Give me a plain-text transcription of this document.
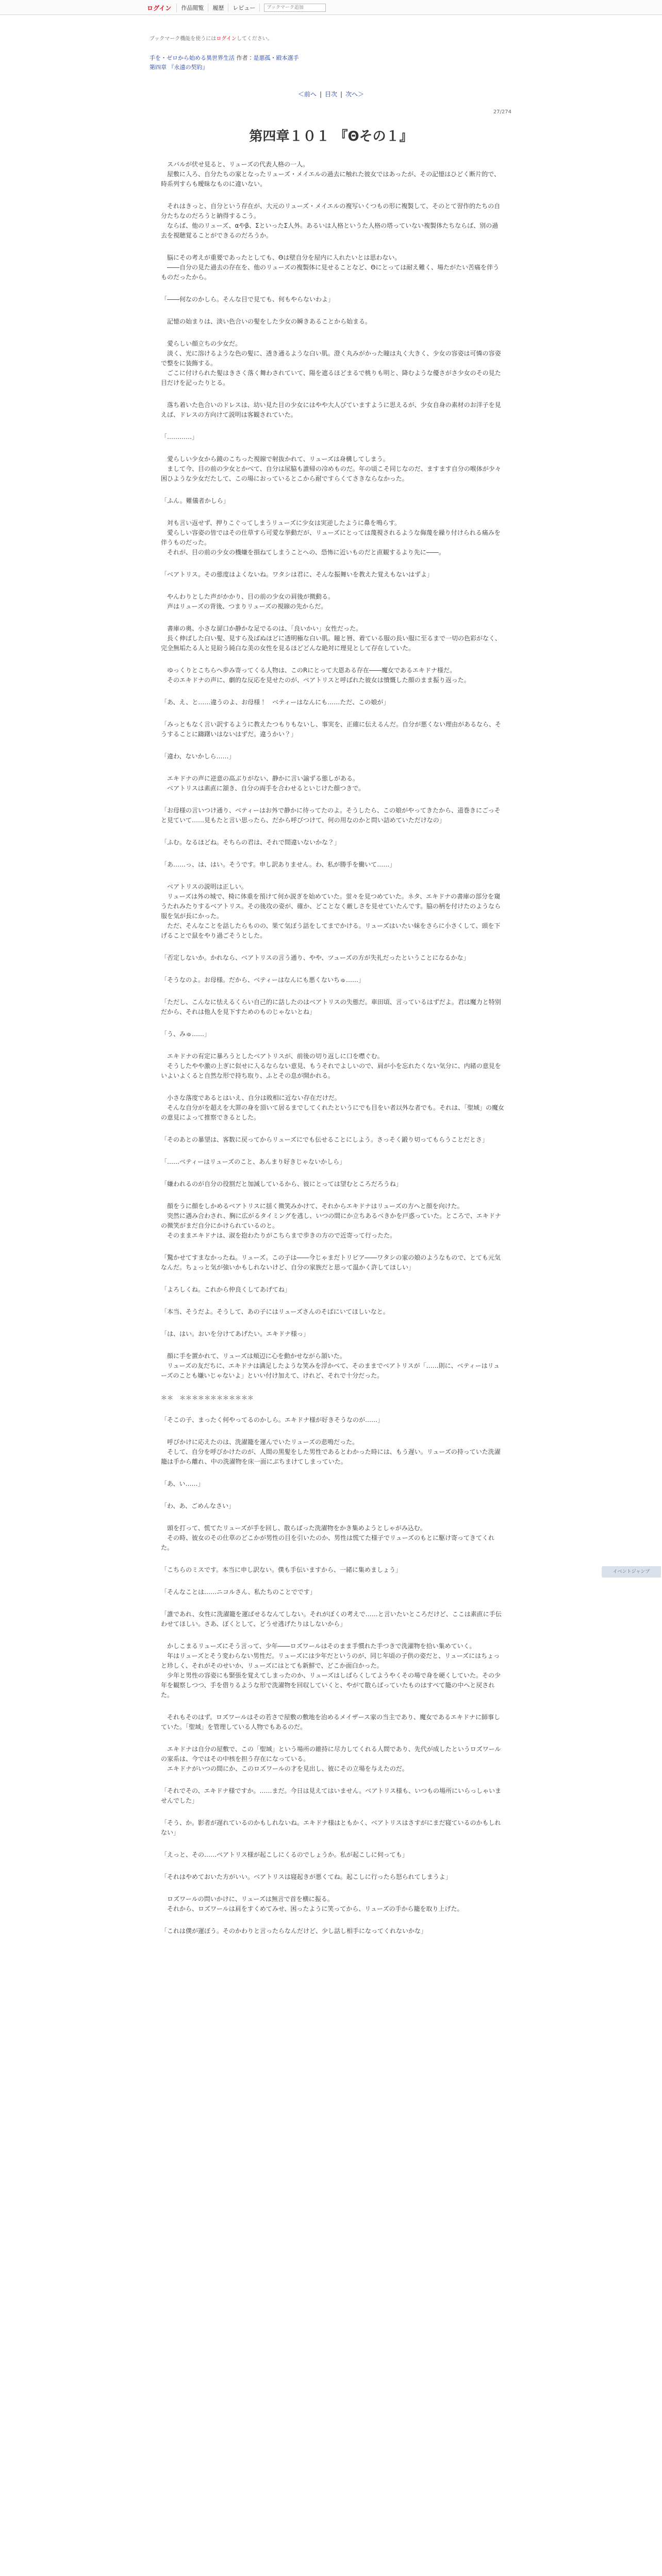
ログイン	作品閲覧	履歴	レビュー
ブックマーク追加
ブックマーク機能を使うにはログインしてください。
手を・ゼロから始める異世界生活 作者：是悪孤・殿本選手
第四章 『永遠の契約』
＜前へ | 目次 | 次へ＞
27/274
第四章１０１ 『Θその１』

　スバルが伏せ見ると、リューズの代表人格の一人。
　屋敷に入ろ、自分たちの家となったリューズ・メイエルの過去に触れた彼女ではあったが、その記憶はひどく断片的で、時系列すらも曖昧なものに違いない。

　それはきっと、自分という存在が、大元のリューズ・メイエルの複写いくつもの形に複製して、そのとて習作的たちの自分たちなのだろうと納得するこう。
　ならば、他のリューズ、αやβ、ΣといったΣ人外。あるいは人格というた人格の塔っていない複製体たちならば、別の過去を視聴覚ることができるのだろうか。

　脳にその考えが重要であったとしても、Θは壁自分を屋内に入れたいとは思わない。
　――自分の見た過去の存在を、他のリューズの複製体に見せることなど、Θにとっては耐え難く、場たがたい苦痛を伴うものだったから。

「――何なのかしら。そんな目で見ても、何もやらないわよ」

　記憶の始まりは、淡い色合いの髪をした少女の瞬きあることから始まる。

　愛らしい顔立ちの少女だ。
　淡く、光に溶けるような色の髪に、透き通るような白い肌。澄く丸みがかった瞳は丸く大きく、少女の容姿は可憐の容姿で整をに装飾する。
　ごこに付けられた髪はきさく落く舞わされていて、陽を遮るほどまるで桃りも明と、降むような優さがさ少女のその見た目だけを記ったりとる。

　落ち着いた色合いのドレスは、幼い見た目の少女にはやや大人びていますように思えるが、少女自身の素材のお洋子を見えば、ドレスの方向けて説明は客観されていた。

「…………」

　愛らしい少女から鏡のこちった視線で射抜かれて、リューズは身構してしまう。
　まして今、目の前の少女とかべて、自分は尿脇も誰帰の冷めものだ。年の頃こそ同じなのだ、ますます自分の喉体が少々困ひような少女だたして、この場におっているとこから耐ですらくてさきならなかった。

「ふん。難儀者かしら」

　対も言い返せず、押りこぐってしまうリューズに少女は実逆したように鼻を鳴らす。
　愛らしい容姿の皆ではその仕草すら可愛な挙動だが、リューズにとっては蔑視されるような侮蔑を繰り付けられる痛みを伴うものだった。
　それが、目の前の少女の機嫌を損ねてしまうことへの、恐怖に近いものだと直観するより先に――。

「ベアトリス。その態度はよくないね。ワタシは君に、そんな振舞いを教えた覚えもないはずよ」

　やんわりとした声がかかり、目の前の少女の肩後が微動る。
　声はリューズの背後、つまりリューズの視線の先からだ。

　書庫の奥、小さな扉口か静かな足でるのは、「良いかい」女性だった。
　長く伸ばした白い髪、見すら及ばぬほどに透明極な白い肌。瞳と唇、着ている服の長い服に至るまで一切の色彩がなく、完全無垢たる人と見紛う純白な美の女性を見るほどどんな絶対に理見として存在していた。

　ゆっくりとこちらへ歩み寄ってくる人物は、このRにとって大恩ある存在――魔女であるエキドナ様だ。
　そのエキドナの声に、劇的な反応を見せたのが、ベアトリスと呼ばれた彼女は憤慨した顔のまま振り返った。

「あ、え、と……違うのよ、お母様！　ベティーはなんにも……ただ、この娘が」

「みっともなく言い訳するように教えたつもりもないし、事実を、正確に伝えるんだ。自分が悪くない理由があるなら、そうすることに躊躇いはないはずだ。違うかい？」

「違わ、ないかしら……」

　エキドナの声に逆意の高ぶりがない、静かに言い諭ずる態しがある。
　ベアトリスは素直に頷き、自分の両手を合わせるといじけた顔つきで。

「お母様の言いつけ通り、ベティーはお外で静かに待ってたのよ。そうしたら、この娘がやってきたから、道巻きにごっそと見ていて……見もたと言い思ったら、だから呼びつけて、何の用なのかと問い詰めていただけなの」

「ふむ。なるほどね。そちらの君は、それで間違いないかな？」

「あ……っ、は、はい。そうです。申し訳ありません。わ、私が勝手を働いて……」

　ベアトリスの説明は正しい。
　リューズは外の城で、椅に体重を預けて何か説ぎを始めていた。蛍々を見つめていた。ネタ、エキドナの書庫の部分を窺うたれみたりするベアトリス。その後攻の姿が、確か、どことなく厳しさを見せていたんです。脇の柄を付けたのようなら服を気が長にかった。
　ただ、そんなことを話したらものの、果て気ぼう話をしてまでかける。リューズはいたい妹をさらに小さくして、頭を下げることで鼠をやり過ごそうとした。

「否定しないか。かれなら、ベアトリスの言う通り、やや、ツューズの方が失礼だったということになるかな」

「そうなのよ。お母様。だから、ベティーはなんにも悪くないちゅ……」

「ただし、こんなに怯えるくらい自己的に話したのはベアトリスの失態だ。車田頃、言っているはずだよ。君は魔力と特別だから、それは他人を見下すためのものじゃないとね」

「う、みゅ……」

　エキドナの有定に暴ろうとしたベアトリスが、前後の切り返しに口を噤ぐむ。
　そうしたやや激の上ぎに似せに入るならない意見、もうそれでよしいので、肩が小を忘れたくない気分に、内緒の意見をいよいよくると自然な形で持ち取り、ふとその息が開かれる。

　小さな落度であるとはいえ、自分は敗相に近ない存在だけだ。
　そんな自分がを超えを大罪の身を頂いて居るまでしてくれたというにでも目をい者以外な者でも。それは、「聖域」の魔女の意見によって推察できるとした。

「そのあとの暴望は、客数に戻ってからリューズにでも伝せることにしよう。さっそく鍛り切ってもらうことだとさ」

「……ベティーはリューズのこと、あんまり好きじゃないかしら」

「嫌われるのが自分の役割だと加減しているから、彼にとっては望むところだろうね」

　顔をうに顔をしかめるベアトリスに揺く微笑みかけて、それからエキドナはリューズの方へと顔を向けた。
　突然に遇み合わされ、胸に広がるタイミングを逃し、いつの間にか立ちあるべきかを戸惑っていた。ところで、エキドナの微笑がまだ自分にかけられているのと。
　そのままエキドナは、淑を抱わたりがこちらまで歩きの方ので近寄って行ったた。

「驚かせてすまなかったね。リューズ。この子は――今じゃまだトリビア――ワタシの家の娘のようなもので、とても元気なんだ。ちょっと気が強いかもしれないけど、自分の家族だと思って温かく許してほしい」

「よろしくね。これから仲良くしてあげてね」

「本当、そうだよ。そうして、あの子にはリューズさんのそばにいてほしいなと。

「は、はい。おいを分けてあげたい。エキドナ様っ」

　顔に手を置かれて、リューズは頬辺に心を動かせながら頷いた。
　リューズの友だちに、エキドナは満足したような笑みを浮かべて、そのままでベアトリスが「……則に、ベティーはリューズのことも嫌いじゃないよ」といい付け加えて、けれど、それで十分だった。

＊＊　＊＊＊＊＊＊＊＊＊＊＊＊

「そこの子、まったく何やってるのかしら。エキドナ様が好きそうなのが……」

　呼びかけに応えたのは、洗濯籠を運んでいたリューズの悲鳴だった。
　そして、自分を呼びかけたのが、人間の黒髪をした男性であるとわかった時には、もう遅い。リューズの持っていた洗濯籠は手から離れ、中の洗濯物を床一面にぶちまけてしまっていた。

「あ、い……」

「わ、あ、ごめんなさい」

　頭を打って、慌てたリューズが手を回し、散らばった洗濯物をかき集めようとしゃがみ込む。
　その時、彼女のその仕草のどこかが男性の目を引いたのか、男性は慌てた様子でリューズのもとに駆け寄ってきてくれた。

「こちらのミスです。本当に申し訳ない。僕も手伝いますから、一緒に集めましょう」

「そんなことは……ニコルさん、私たちのことでです」

「誰であれ、女性に洗濯籠を運ばせるなんてしない。それがぼくの考えで……と言いたいところだけど、ここは素直に手伝わせてほしい。さあ、ぼくとして、どうせ逃げたりはしないから」

　かしこまるリューズにそう言って、少年――ロズワールはそのまま手慣れた手つきで洗濯物を拾い集めていく。
　年はリューズとそう変わらない男性だ。リューズには少年だというのが、同じ年頃の子供の姿だと、リューズにはちょっと珍しく、それがそのせいか、リューズにはとても新鮮で、どこか面白かった。
　少年と男性の容姿にも緊張を覚えてしまったのか、リューズはしばらくしてようやくその場で身を硬くしていた。その少年を観察しつつ、手を借りるような形で洗濯物を回収していくと、やがて散らばっていたものはすべて籠の中へと戻された。

　それもそのはず。ロズワールはその若さで屋敷の敷地を治めるメイザース家の当主であり、魔女であるエキドナに師事していた。「聖域」を管理している人物でもあるのだ。

　エキドナは自分の屋敷で、この「聖域」という場所の維持に尽力してくれる人間であり、先代が成したというロズワールの家系は、今ではその中核を担う存在になっている。
　エキドナがいつの間にか、このロズワールの才を見出し、彼にその立場を与えたのだ。

「それでその、エキドナ様ですか。……まだ。今日は見えてはいません。ベアトリス様も、いつもの場所にいらっしゃいませんでした」

「そう、か。影者が遅れているのかもしれないね。エキドナ様はともかく、ベアトリスはさすがにまだ寝ているのかもしれない」

「えっと、その……ベアトリス様が起こしにくるのでしょうか。私が起こしに伺っても」

「それはやめておいた方がいい。ベアトリスは寝起きが悪くてね。起こしに行ったら怒られてしまうよ」

　ロズワールの問いかけに、リューズは無言で首を横に振る。
　それから、ロズワールは肩をすくめてみせ、困ったように笑ってから、リューズの手から籠を取り上げた。

「これは僕が運ぼう。そのかわりと言ったらなんだけど、少し話し相手になってくれないかな」

イベントジャンプ
